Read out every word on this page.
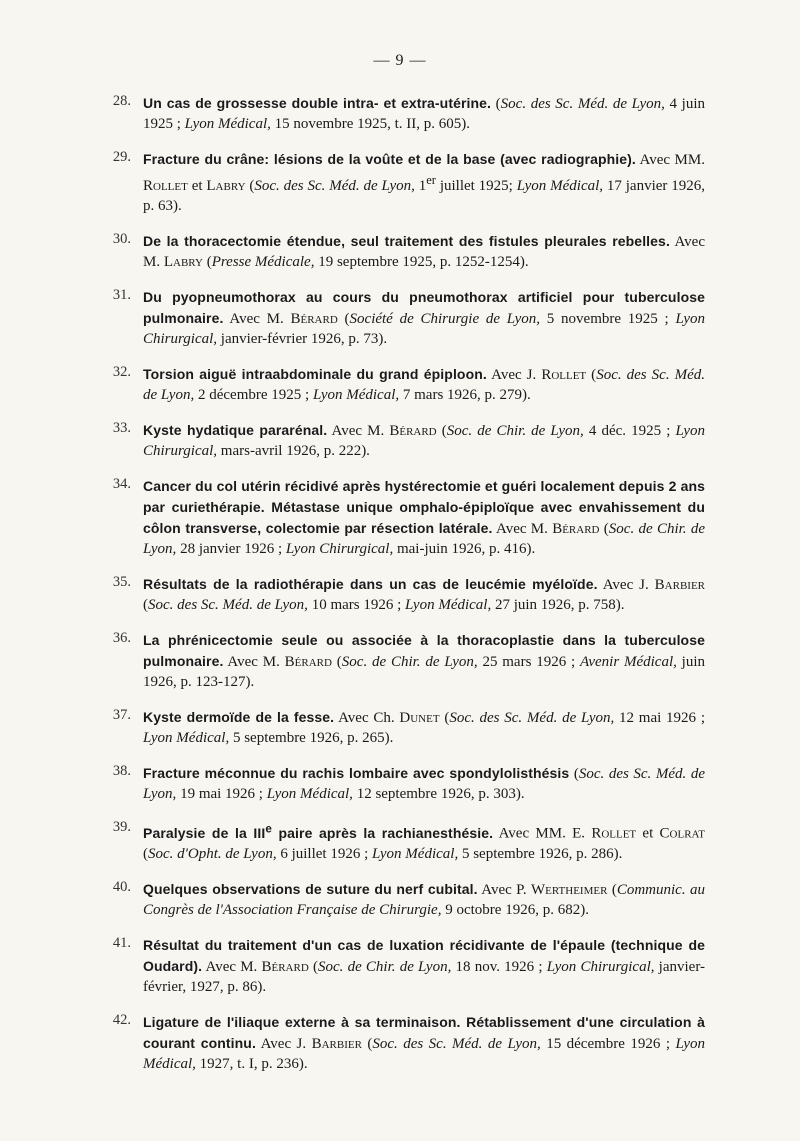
— 9 —
28. Un cas de grossesse double intra- et extra-utérine. (Soc. des Sc. Méd. de Lyon, 4 juin 1925 ; Lyon Médical, 15 novembre 1925, t. II, p. 605).
29. Fracture du crâne: lésions de la voûte et de la base (avec radiographie). Avec MM. Rollet et Labry (Soc. des Sc. Méd. de Lyon, 1er juillet 1925; Lyon Médical, 17 janvier 1926, p. 63).
30. De la thoracectomie étendue, seul traitement des fistules pleurales rebelles. Avec M. Labry (Presse Médicale, 19 septembre 1925, p. 1252-1254).
31. Du pyopneumothorax au cours du pneumothorax artificiel pour tuberculose pulmonaire. Avec M. Bérard (Société de Chirurgie de Lyon, 5 novembre 1925 ; Lyon Chirurgical, janvier-février 1926, p. 73).
32. Torsion aiguë intraabdominale du grand épiploon. Avec J. Rollet (Soc. des Sc. Méd. de Lyon, 2 décembre 1925 ; Lyon Médical, 7 mars 1926, p. 279).
33. Kyste hydatique pararénal. Avec M. Bérard (Soc. de Chir. de Lyon, 4 déc. 1925 ; Lyon Chirurgical, mars-avril 1926, p. 222).
34. Cancer du col utérin récidivé après hystérectomie et guéri localement depuis 2 ans par curiethérapie. Métastase unique omphalo-épiploïque avec envahissement du côlon transverse, colectomie par résection latérale. Avec M. Bérard (Soc. de Chir. de Lyon, 28 janvier 1926 ; Lyon Chirurgical, mai-juin 1926, p. 416).
35. Résultats de la radiothérapie dans un cas de leucémie myéloïde. Avec J. Barbier (Soc. des Sc. Méd. de Lyon, 10 mars 1926 ; Lyon Médical, 27 juin 1926, p. 758).
36. La phrénicectomie seule ou associée à la thoracoplastie dans la tuberculose pulmonaire. Avec M. Bérard (Soc. de Chir. de Lyon, 25 mars 1926 ; Avenir Médical, juin 1926, p. 123-127).
37. Kyste dermoïde de la fesse. Avec Ch. Dunet (Soc. des Sc. Méd. de Lyon, 12 mai 1926 ; Lyon Médical, 5 septembre 1926, p. 265).
38. Fracture méconnue du rachis lombaire avec spondylolisthésis (Soc. des Sc. Méd. de Lyon, 19 mai 1926 ; Lyon Médical, 12 septembre 1926, p. 303).
39. Paralysie de la IIIe paire après la rachianesthésie. Avec MM. E. Rollet et Colrat (Soc. d'Opht. de Lyon, 6 juillet 1926 ; Lyon Médical, 5 septembre 1926, p. 286).
40. Quelques observations de suture du nerf cubital. Avec P. Wertheimer (Communic. au Congrès de l'Association Française de Chirurgie, 9 octobre 1926, p. 682).
41. Résultat du traitement d'un cas de luxation récidivante de l'épaule (technique de Oudard). Avec M. Bérard (Soc. de Chir. de Lyon, 18 nov. 1926 ; Lyon Chirurgical, janvier-février, 1927, p. 86).
42. Ligature de l'iliaque externe à sa terminaison. Rétablissement d'une circulation à courant continu. Avec J. Barbier (Soc. des Sc. Méd. de Lyon, 15 décembre 1926 ; Lyon Médical, 1927, t. I, p. 236).
